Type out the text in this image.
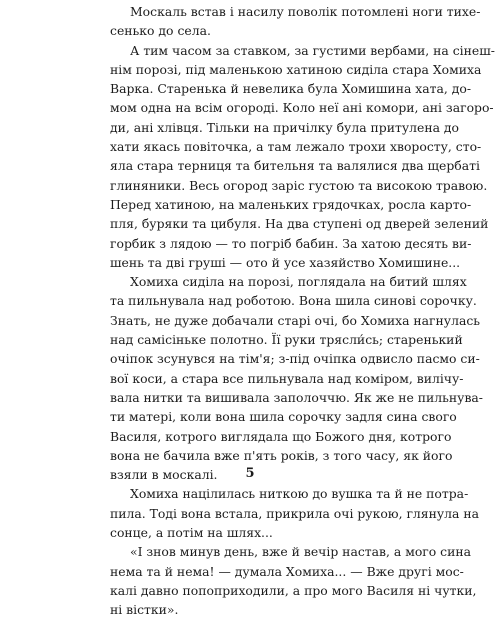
Москаль встав і насилу поволік потомлені ноги тихе-
сенько до села.
А тим часом за ставком, за густими вербами, на сінеш-
нім порозі, під маленькою хатиною сиділа стара Хомиха
Варка. Старенька й невелика була Хомишина хата, до-
мом одна на всім огороді. Коло неї ані комори, ані загоро-
ди, ані хлівця. Тільки на причілку була притулена до
хати якась повіточка, а там лежало трохи хворосту, сто-
яла стара терниця та бительня та валялися два щербаті
глиняники. Весь огород заріс густою та високою травою.
Перед хатиною, на маленьких грядочках, росла карто-
пля, буряки та цибуля. На два ступені од дверей зелений
горбик з лядою — то погріб бабин. За хатою десять ви-
шень та дві груші — ото й усе хазяйство Хомишине...
Хомиха сиділа на порозі, поглядала на битий шлях
та пильнувала над роботою. Вона шила синові сорочку.
Знать, не дуже добачали старі очі, бо Хомиха нагнулась
над самісіньке полотно. Її руки трясли́сь; старенький
очіпок зсунувся на тім'я; з-під очіпка одвисло пасмо си-
вої коси, а стара все пильнувала над коміром, вилічу-
вала нитки та вишивала заполоччю. Як же не пильнува-
ти матері, коли вона шила сорочку задля сина свого
Василя, котрого виглядала що Божого дня, котрого
вона не бачила вже п'ять років, з того часу, як його
взяли в москалі.
Хомиха націлилась ниткою до вушка та й не потра-
пила. Тоді вона встала, прикрила очі рукою, глянула на
сонце, а потім на шлях...
«І знов минув день, вже й вечір настав, а мого сина
нема та й нема! — думала Хомиха... — Вже другі мос-
калі давно попоприходили, а про мого Василя ні чутки,
ні вістки».
5
